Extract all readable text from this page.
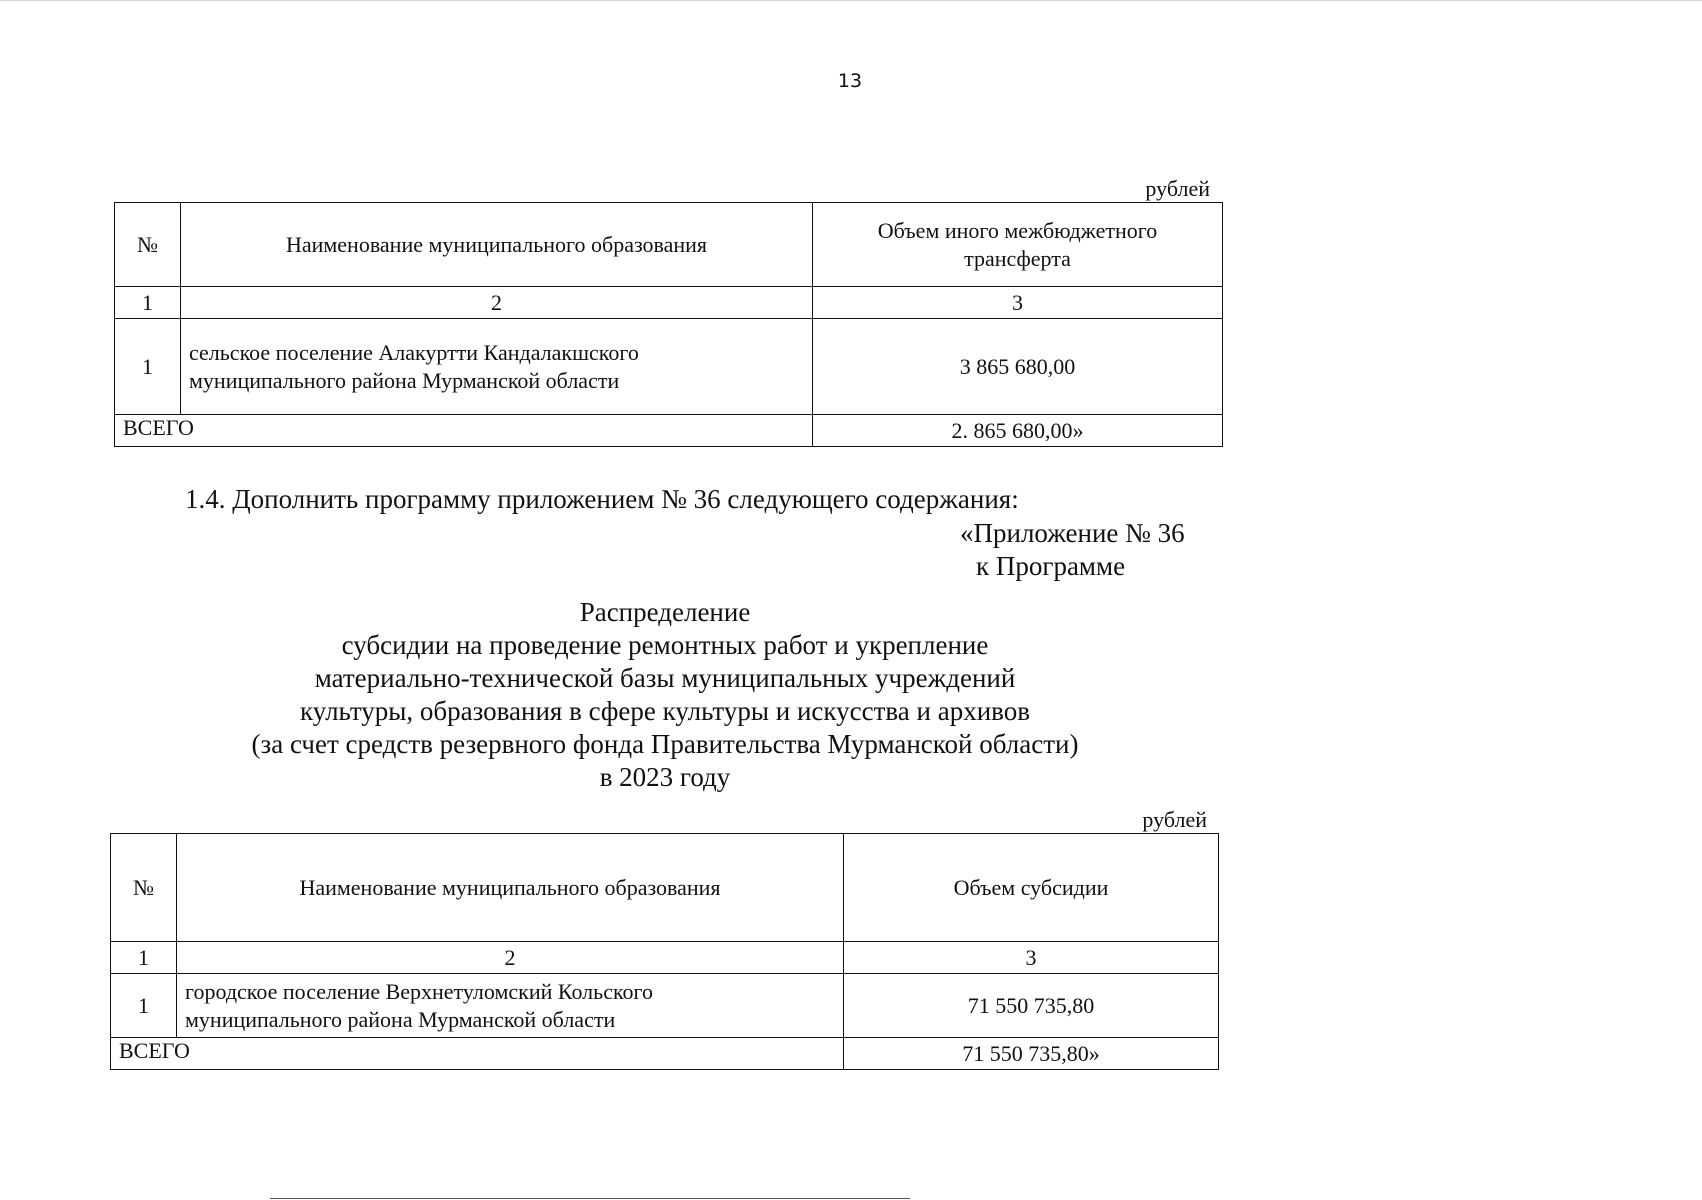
13
рублей
№	Наименование муниципального образования	Объем иного межбюджетного
трансферта

1	2	3
1	сельское поселение Алакуртти Кандалакшского
муниципального района Мурманской области	3 865 680,00
ВСЕГО		2. 865 680,00»
1.4. Дополнить программу приложением № 36 следующего содержания:
«Приложение № 36
к Программе
Распределение
субсидии на проведение ремонтных работ и укрепление
материально-технической базы муниципальных учреждений
культуры, образования в сфере культуры и искусства и архивов
(за счет средств резервного фонда Правительства Мурманской области)
в 2023 году
рублей
№	Наименование муниципального образования	Объем субсидии
1	2	3
1	городское поселение Верхнетуломский Кольского
муниципального района Мурманской области	71 550 735,80
ВСЕГО		71 550 735,80»
